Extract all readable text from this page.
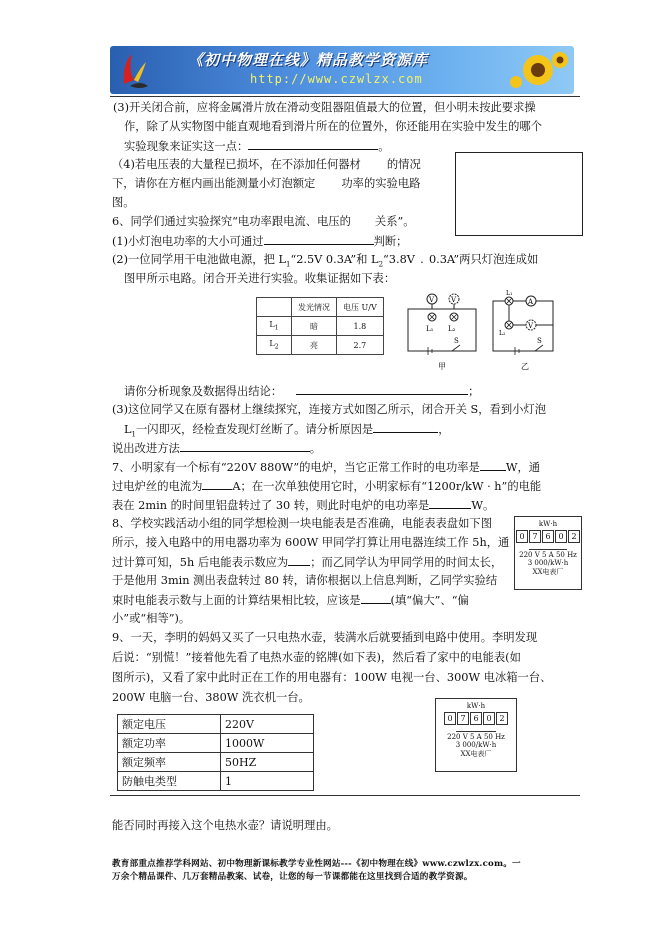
《初中物理在线》精品教学资源库
http://www.czwlzx.com
(3)开关闭合前，应将金属滑片放在滑动变阻器阻值最大的位置，但小明未按此要求操
作，除了从实物图中能直观地看到滑片所在的位置外，你还能用在实验中发生的哪个
实验现象来证实这一点：	。
（4)若电压表的大量程已损坏，在不添加任何器材 的情况
下，请你在方框内画出能测量小灯泡额定 功率的实验电路
图。
6、同学们通过实验探究“电功率跟电流、电压的 关系”。
(1)小灯泡电功率的大小可通过	判断；
(2)一位同学用干电池做电源，把 $L_1“2.5V$ 0.3A”和 $L_2“3.8V$ . 0.3A”两只灯泡连成如
图甲所示电路。闭合开关进行实验。收集证据如下表：
	发光情况	电压 U/V
$L_1$	暗	1.8
$L_2$	亮	2.7
V V
L₁ L₂
S
甲
A
V
L₁
L₂
S
乙
请你分析现象及数据得出结论：	；
(3)这位同学又在原有器材上继续探究，连接方式如图乙所示，闭合开关 S，看到小灯泡
$L_1$一闪即灭，经检查发现灯丝断了。请分析原因是	，
说出改进方法	。
7、小明家有一个标有“220V 880W”的电炉，当它正常工作时的电功率是 W，通
过电炉丝的电流为	A；在一次单独使用它时，小明家标有“1200r/kW · h”的电能
表在 2min 的时间里铝盘转过了 30 转，则此时电炉的电功率是	W。
8、学校实践活动小组的同学想检测一块电能表是否准确，电能表表盘如下图
所示，接入电路中的用电器功率为 600W 甲同学打算让用电器连续工作 5h，通
过计算可知，5h 后电能表示数应为 ；而乙同学认为甲同学用的时间太长，
于是他用 3min 测出表盘转过 80 转，请你根据以上信息判断，乙同学实验结
束时电能表示数与上面的计算结果相比较，应该是	(填“偏大”、“偏
小”或“相等”)。
kW·h
0 7 6 0 2
220 V 5 A 50 Hz
3 000/kW·h
XX电表厂
9、一天，李明的妈妈又买了一只电热水壶，装满水后就要插到电路中使用。李明发现
后说：“别慌！”接着他先看了电热水壶的铭牌(如下表)，然后看了家中的电能表(如
图所示)，又看了家中此时正在工作的用电器有：100W 电视一台、300W 电冰箱一台、
200W 电脑一台、380W 洗衣机一台。
额定电压	220V
额定功率	1000W
额定频率	50HZ
防触电类型	1
kW·h
0 7 6 0 2
220 V 5 A 50 Hz
3 000/kW·h
XX电表厂
能否同时再接入这个电热水壶？请说明理由。
教育部重点推荐学科网站、初中物理新课标教学专业性网站---《初中物理在线》www.czwlzx.com。一
万余个精品课件、几万套精品教案、试卷，让您的每一节课都能在这里找到合适的教学资源。
